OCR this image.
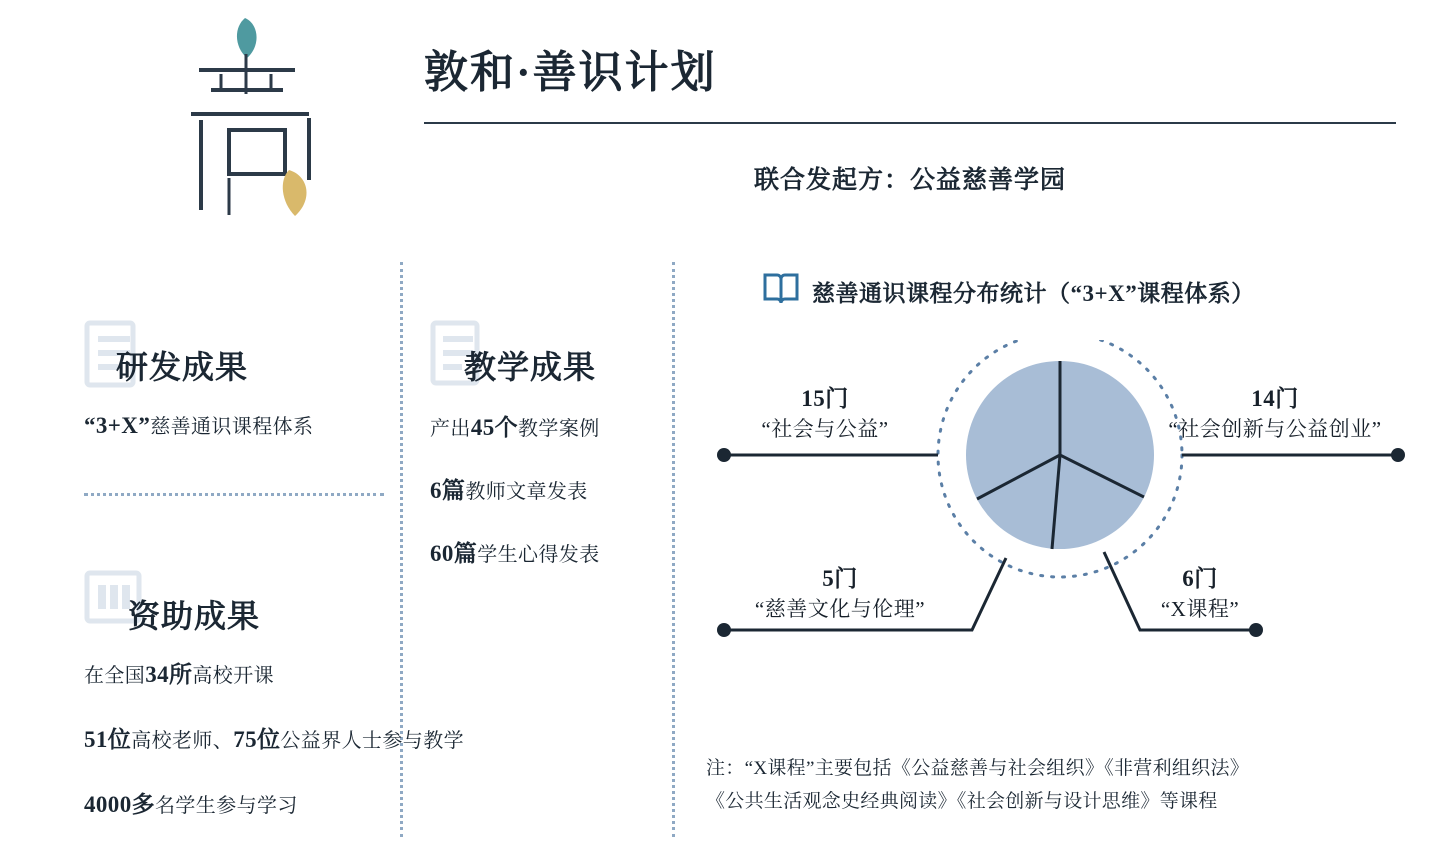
敦和·善识计划
联合发起方：公益慈善学园
研发成果
“3+X”慈善通识课程体系
资助成果
在全国34所高校开课
51位高校老师、75位公益界人士参与教学
4000多名学生参与学习
教学成果
产出45个教学案例
6篇教师文章发表
60篇学生心得发表
慈善通识课程分布统计（“3+X”课程体系）
15门
“社会与公益”
14门
“社会创新与公益创业”
5门
“慈善文化与伦理”
6门
“X课程”
注：“X课程”主要包括《公益慈善与社会组织》《非营利组织法》
《公共生活观念史经典阅读》《社会创新与设计思维》等课程
